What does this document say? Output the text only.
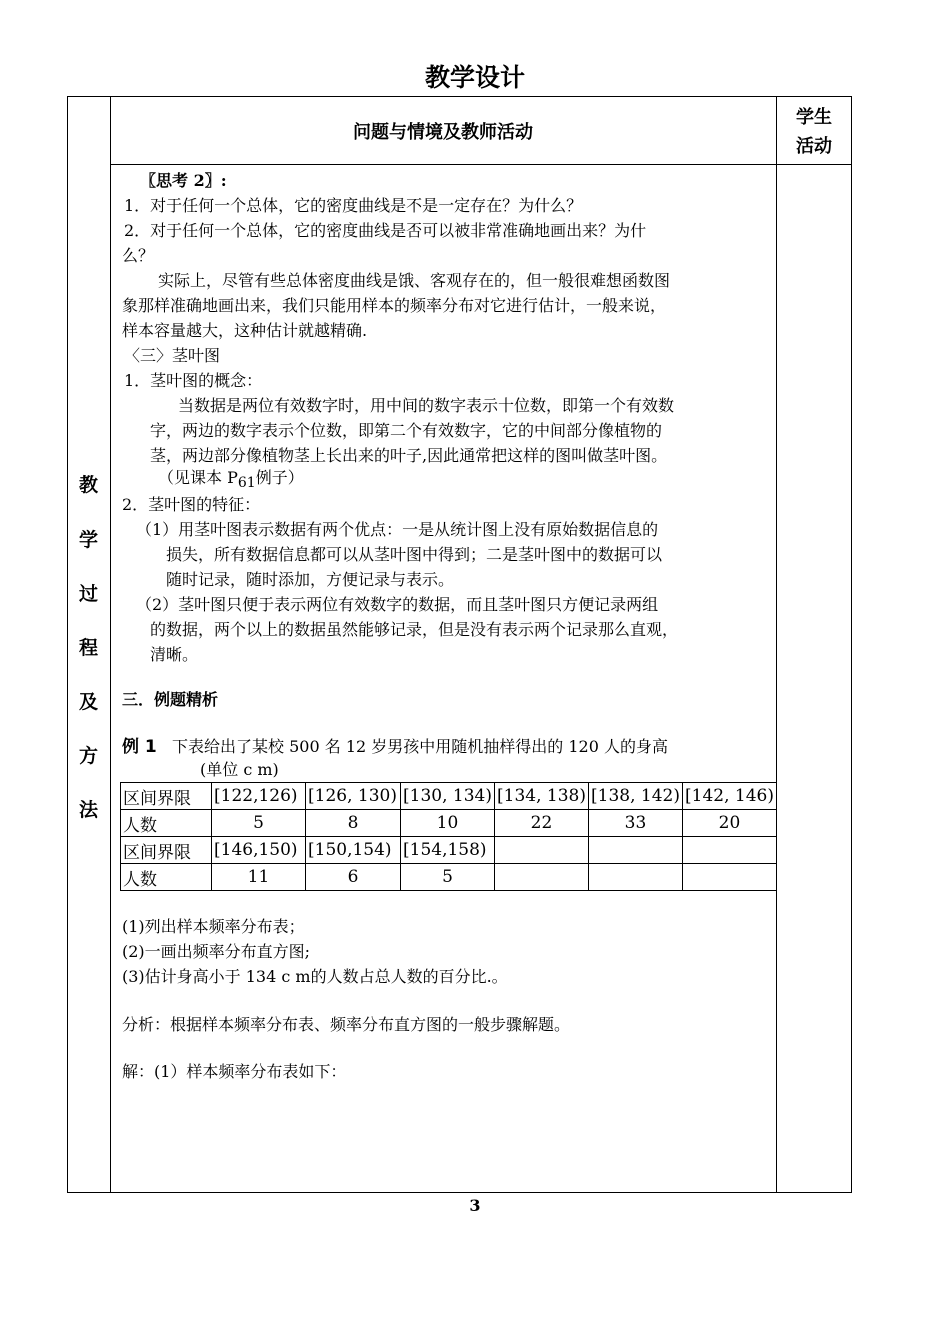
教学设计
问题与情境及教师活动
学生
活动
教
学
过
程
及
方
法
〖思考 2〗:
1．对于任何一个总体，它的密度曲线是不是一定存在？为什么？
2．对于任何一个总体，它的密度曲线是否可以被非常准确地画出来？为什
么？
实际上，尽管有些总体密度曲线是饿、客观存在的，但一般很难想函数图
象那样准确地画出来，我们只能用样本的频率分布对它进行估计，一般来说，
样本容量越大，这种估计就越精确.
〈三〉茎叶图
1．茎叶图的概念：
当数据是两位有效数字时，用中间的数字表示十位数，即第一个有效数
字，两边的数字表示个位数，即第二个有效数字，它的中间部分像植物的
茎，两边部分像植物茎上长出来的叶子,因此通常把这样的图叫做茎叶图。
（见课本 $P_{61}$例子）
2．茎叶图的特征：
（1）用茎叶图表示数据有两个优点：一是从统计图上没有原始数据信息的
损失，所有数据信息都可以从茎叶图中得到；二是茎叶图中的数据可以
随时记录，随时添加，方便记录与表示。
（2）茎叶图只便于表示两位有效数字的数据，而且茎叶图只方便记录两组
的数据，两个以上的数据虽然能够记录，但是没有表示两个记录那么直观，
清晰。
三．例题精析
例 1 下表给出了某校 500 名 12 岁男孩中用随机抽样得出的 120 人的身高
(单位 c m)
区间界限	[122,126)	[126, 130)	[130, 134)	[134, 138)	[138, 142)	[142, 146)
人数	5	8	10	22	33	20
区间界限	[146,150)	[150,154)	[154,158)			
人数	11	6	5			
(1)列出样本频率分布表；
(2)一画出频率分布直方图;
(3)估计身高小于 134 c m的人数占总人数的百分比.。
分析：根据样本频率分布表、频率分布直方图的一般步骤解题。
解：(1）样本频率分布表如下：
3
